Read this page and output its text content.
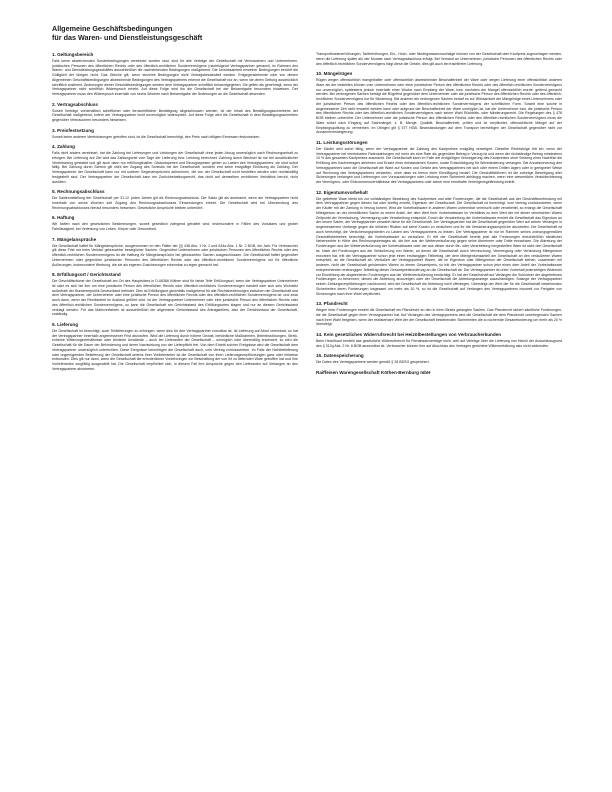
Allgemeine Geschäftsbedingungen
für das Waren- und Dienstleistungsgeschäft
1. Geltungsbereich

Falls keine abweichenden Sonderbedingungen vereinbart worden sind, sind für alle Verträge der Gesellschaft mit Verbrauchern und Unternehmen, juristischen Personen des öffentlichen Rechts oder des öffentlich-rechtlichen Sondervermögens (nachfolgend Vertragspartner genannt) im Rahmen des Waren- und Dienstleistungsgeschäftes ausschließlich die nachstehenden Bedingungen maßgebend. Die Unwirksamkeit einzelner Bedingungen berührt die Gültigkeit der übrigen nicht. Das Gleiche gilt, wenn einzelne Bedingungen nicht Vertragsbestandteil werden. Entgegenstehende oder von diesen Allgemeinen Geschäftsbedingungen abweichende Bedingungen des Vertragspartners erkennt die Gesellschaft nur an, wenn sie deren Geltung ausdrücklich schriftlich zustimmt. Änderungen dieser Geschäftsbedingungen werden dem Vertragspartner schriftlich bekanntgegeben. Sie gelten als genehmigt, wenn der Vertragspartner nicht schriftlich Widerspruch erhebt. Auf diese Folge wird ihn die Gesellschaft bei der Bekanntgabe besonders hinweisen. Der Vertragspartner muss den Widerspruch innerhalb von sechs Wochen nach Bekanntgabe der Änderungen an die Gesellschaft absenden.

2. Vertragsabschluss

Soweit Verträge vorbehaltlich schriftlicher oder fernschriftlicher Bestätigung abgeschlossen werden, ist der Inhalt des Bestätigungsschreibens der Gesellschaft maßgebend, sofern der Vertragspartner nicht unverzüglich widerspricht. Auf diese Folge wird die Gesellschaft in dem Bestätigungsschreiben gegenüber Verbrauchern besonders hinweisen.

3. Preisfestsetzung

Soweit keine anderen Vereinbarungen getroffen sind, ist die Gesellschaft berechtigt, den Preis nach billigem Ermessen festzusetzen.

4. Zahlung

Falls nicht anders vereinbart, hat die Zahlung bei Lieferungen und Leistungen der Gesellschaft ohne jeden Abzug unverzüglich nach Rechnungserhalt zu erfolgen. Bei Lieferung auf Ziel wird das Zahlungsziel vom Tage der Lieferung bzw. Leistung berechnet. Zahlung durch Wechsel ist nur bei ausdrücklicher Vereinbarung gestattet und gilt auch dann nur erfüllungshalber. Diskontspesen und Einzugsspesen gehen zu Lasten des Vertragspartners; sie sind sofort fällig. Bei Zahlung durch Scheck gilt nicht der Zugang des Schecks bei der Gesellschaft, sondern erst seine endgültige Einlösung als Zahlung. Der Vertragspartner der Gesellschaft kann nur mit solchen Gegenansprüchen aufrechnen, die von der Gesellschaft nicht bestritten werden oder rechtskräftig festgestellt sind. Der Vertragspartner der Gesellschaft kann ein Zurückbehaltungsrecht, das nicht auf demselben rechtlichen Verhältnis beruht, nicht ausüben.

5. Rechnungsabschluss

Die Saldenmitteilung der Gesellschaft per 31.12. jedes Jahres gilt als Rechnungsabschluss. Der Saldo gilt als anerkannt, wenn der Vertragspartner nicht innerhalb von sechs Wochen seit Zugang des Rechnungsabschlusses Einwendungen erhebt. Die Gesellschaft wird bei Übersendung des Rechnungsabschlusses hierauf besonders hinweisen. Gesetzliche Ansprüche bleiben unberührt.

6. Haftung

Wir haften nach den gesetzlichen Bestimmungen, soweit gesetzlich zwingend gehaftet wird, insbesondere in Fällen des Vorsatzes und grober Fahrlässigkeit, bei Verletzung von Leben, Körper oder Gesundheit.

7. Mängelansprüche

Die Gesellschaft haftet für Mängelansprüche, ausgenommen im den Fällen der §§ 438 Abs. 1 Nr. 2 und 634a Abs. 1 Nr. 2 BGB, ein Jahr. Für Verbraucher gilt diese Frist nur beim Verkauf gebrauchter beweglicher Sachen. Gegenüber Unternehmen oder juristischen Personen des öffentlichen Rechts oder des öffentlich-rechtlichen Sondervermögens ist die Haftung für Mängelansprüche bei gebrauchten Sachen ausgeschlossen. Die Gesellschaft haftet gegenüber Unternehmen oder gegenüber juristischen Personen des öffentlichen Rechts oder des öffentlich-rechtlichen Sondervermögens nur für öffentliche Äußerungen, insbesondere Werbung, die sie als eigenen Zusicherungen erkennbar zu eigen gemacht hat.

8. Erfüllungsort / Gerichtsstand

Die Geschäftsräume der Gesellschaft am Ort des Hauptsitzes in D-06366 Köthen sind für beide Teile Erfüllungsort, wenn der Vertragspartner Unternehmer ist oder es sich bei ihm um eine juristische Person des öffentlichen Rechts oder öffentlich-rechtliches Sondervermögen handelt oder sich sein Wohnsitz außerhalb der Bundesrepublik Deutschland befindet. Dies ist Erfüllungsort gleichfalls maßgebend für alle Rechtsbeziehungen zwischen der Gesellschaft und dem Vertragspartner, der Unternehmer oder eine juristische Person des öffentlichen Rechts oder des öffentlich-rechtlichen Sondervermögens ist, und zwar auch dann, wenn der Rechtsstreit im Ausland geführt wird. Ist der Vertragspartner Unternehmer oder eine juristische Person des öffentlichen Rechts oder des öffentlich-rechtlichen Sondervermögens, so kann die Gesellschaft am Gerichtsstand des Erfüllungsortes klagen und nur an diesem Gerichtsstand verklagt werden. Für das Mahnverfahren ist ausschließlich der allgemeine Gerichtsstand des Antragstellers, also der Gerichtsstand der Gesellschaft, zuständig.

9. Lieferung

Die Gesellschaft ist berechtigt, auch Teillieferungen zu erbringen, wenn dies für den Vertragspartner zumutbar ist. Ist Lieferung auf Abruf vereinbart, so hat der Vertragspartner innerhalb angemessener Frist abzurufen. Wird die Lieferung durch höhere Gewalt, behördliche Maßnahmen, Betriebsstörungen, Streik, extreme Witterungsverhältnisse oder ähnliche Umstände – auch bei Lieferanten der Gesellschaft – unmöglich oder übermäßig erschwert, so wird die Gesellschaft für die Dauer der Behinderung und deren Nachwirkung von der Lieferpflicht frei. Von dem Eintritt solcher Ereignisse wird die Gesellschaft dem Vertragspartner unverzüglich unterrichten. Diese Ereignisse berechtigen die Gesellschaft auch, vom Vertrag zurückzutreten. Im Falle der Nichtbelieferung oder ungenügenden Belieferung der Gesellschaft seitens ihrer Vorlieferanten ist die Gesellschaft von ihren Lieferungsverpflichtungen ganz oder teilweise entbunden. Dies gilt nur dann, wenn die Gesellschaft die erforderlichen Vorkehrungen zur Beschaffung der von ihr zu liefernden Ware getroffen hat und ihre Vorlieferanten sorgfältig ausgewählt hat. Die Gesellschaft verpflichtet sich, in diesem Fall ihre Ansprüche gegen den Lieferanten auf Verlangen an den Vertragspartner abzutreten.

Transportkostenerhöhungen, Tariferhöhungen, Eis-, Hoch- oder Niedrigwasserzuschläge können von der Gesellschaft dem Kaufpreis zugeschlagen werden, wenn die Lieferung später als vier Monate nach Vertragsabschluss erfolgt. Bei Versand an Unternehmen, juristische Personen des öffentlichen Rechts oder des öffentlich-rechtlichen Sondervermögens trägt diese die Gefahr, dies gilt auch bei frachtfreier Lieferung.

10. Mängelrügen

Rügen wegen offensichtlich mangelhafter oder offensichtlich abweichender Beschaffenheit der Ware oder wegen Lieferung einer offensichtlich anderen Ware als der bestellten können vom Unternehmen oder einer juristischen Person des öffentlichen Rechts oder des öffentlich-rechtlichen Sondervermögens nur unverzüglich, spätestens jedoch innerhalb einer Woche nach Empfang der Ware, bzw. nachdem der Mangel offensichtlich wurde, geltend gemacht werden. Bei verborgenen Sachen beträgt die Rügefrist gegenüber dem Unternehmer oder die juristische Person des öffentlichen Rechts oder des öffentlich-rechtlichen Sondervermögens nur für Minderung. Bei anderen als verborgenen Sachen bedarf es zur Wirksamkeit der Mängelrüge eines Unternehmers oder der juristischen Person des öffentlichen Rechts oder des öffentlich-rechtlichen Sondervermögens der schriftlichen Form. Soweit eine solche in angemessener Zeit nicht erwartet werden kann oder aufgrund der Beschaffenheit der Ware unmöglich ist, hat der Unternehmer bzw. die juristische Person des öffentlichen Rechts oder des öffentlich-rechtlichen Sondervermögens nach seiner Wahl Rücktritts- oder Minderungsrecht. Die Regelungen des § 478 BGB bleiben unberührt. Der Unternehmer oder die juristische Person des öffentlichen Rechts oder des öffentlich-rechtlichen Sondervermögens muss die Ware sofort nach Eingang auf Sachmängel, z. B. Menge, Qualität, Beschaffenheit, prüfen und ist verpflichtet, offensichtliche Mängel auf der Empfangsquittung zu vermerken. Im Übrigen gilt § 377 HGB. Beanstandungen auf dem Transport berechtigen der Gesellschaft gegenüber nicht zur Annahmeverweigerung.

11. Leistungsstörungen

Der Käufer wird sofort fällig, wenn der Vertragspartner die Zahlung des Kaufpreises endgültig verweigert. Dieselbe Rechtsfolge tritt ein, wenn der Vertragspartner bei vereinbarten Ratenzahlungen mit mehr als eine Rate als gegenüber Betrag in Verzug ist und wenn der rückständige Betrag mindestens 10 % des gesamten Kaufpreises ausmacht. Die Gesellschaft kann im Falle der endgültigen Verweigerung des Kaufpreises ohne Setzung einer Nachfrist die Erfüllung des Kaufvertrages ablehnen und Ersatz einer entstandenen Kosten, sowie Entschädigung für Wertminderung verlangen. Bei Annahmeverzug des Vertragspartners kann die Gesellschaft die Ware auf Kosten und Gefahr des Vertragspartners bei sich oder einem Dritten lagern oder in geeigneter Weise auf Rechnung des Vertragspartners verwerten, ohne dass es hierzu einer Einwilligung bedarf. Die Geschäftsführern ist die sofortige Beseitigung aller Sicherungen verlangen und Lieferungen von Vorauszahlungen oder Leistung einer Sicherheit abhängig machen, wenn eine wesentliche Verschlechterung der Vermögens- oder Einkommensverhältnisse des Vertragspartners oder seiner eine ernsthafte Vermögensgefährdung eintritt.

12. Eigentumsvorbehalt

Die gelieferte Ware bleibt bis zur vollständigen Bezahlung des Kaufpreises und aller Forderungen, die die Gesellschaft aus der Geschäftsverbindung mit dem Vertragspartner gegen diesen hat oder künftig erwirbt, Eigentum der Gesellschaft. Die Gesellschaft ist berechtigt, vom Vertrag zurückzutreten, wenn der Käufer mit der Zahlung in Verzug kommt. Wird die Vorbehaltsware in anderen Waren untrennbar vermischt oder verarbeitet, so erlangt die Gesellschaft Miteigentum an der einheitlichen Sache zu einem Anteil, der dem Wert ihrer Vorbehaltsware im Verhältnis zu dem Wert der mit dieser vermischten Waren Zeitpunkt der Vermischung, Vermengung oder Verarbeitung entspricht. Durch die Verarbeitung der Vorbehaltsware erwirbt die Gesellschaft das Eigentum an der neuen Sache, der Vertragspartner verwahrt diese für die Gesellschaft. Der Vertragspartner hat die Gesellschaft gegenüber Wert auf seinen Verlangen in angemessenem Umfange gegen die üblichen Risiken auf seine Kosten zu versichern und ihr die Versicherungsansprüche abzutreten. Die Gesellschaft ist auch berechtigt, die Versicherungsprämien zu Lasten des Vertragspartners zu leisten. Der Vertragspartner ist nur im Rahmen seines ordnungsgemäßen Geschäftsbetriebes berechtigt, die Vorbehaltsware zu veräußern. Er tritt der Gesellschaft bereits jetzt alle Forderungen einschließlich sämtlicher Nebenrechte in Höhe des Rechnungsbetrages ab, die ihm aus der Weiterveräußerung gegen seine Abnehmer oder Dritte erwachsen. Die Abtretung der Forderungen aus der Weiterveräußerung der Vorbehaltsware oder der aus dieser durch Be- oder Verarbeitung hergestellten Ware ist nicht den Gesellschaft ist. Nach der Forderungen aus der Veräußerung von Waren, an denen die Gesellschaft durch Vermischung, Vermengung oder Verbindung Miteigentum erworben hat, tritt der Vertragspartner schon jetzt einen erstrangigen Teilbetrag, der dem Miteigentumsanteil der Gesellschaft an den veräußerten Waren entspricht, an die Gesellschaft ab. Veräußert der Vertragspartner Waren, die im Eigentum oder Miteigentum der Gesellschaft stehen, zusammen mit anderen, nicht der Gesellschaft gehörenden Waren zu einem Gesamtpreis, so tritt der Vertragspartner schon jetzt einen dem Anteil der Vorbehaltsware entsprechenden erstrangigen Teilbetrag dieser Gesamtpreisforderung an die Gesellschaft ab. Der Vertragspartner ist unter Vorbehalt jederzeitigen Widerrufs zur Einziehung der abgetretenen Forderungen aus der Weiterveräußerung ermächtigt. Er hat der Gesellschaft auf Verlangen die Schuldner der abgetretenen Forderungen zu benennen, diesen die Abtretung anzuzeigen oder der Gesellschaft die Abtretungsanzeige auszuhändigen. Solange der Vertragspartner seinen Zahlungsverpflichtungen nachkommt, wird die Gesellschaft die Abtretung nicht offenlegen. Übersteigt der Wert der für die Gesellschaft bestehenden Sicherheiten deren Forderungen insgesamt um mehr als 10 %, so ist die Gesellschaft auf Verlangen des Vertragspartners insoweit zur Freigabe von Sicherungen nach ihrer Wahl verpflichtet.

13. Pfandrecht

Wegen ihrer Forderungen erwirbt die Gesellschaft ein Pfandrecht an den in ihren Besitz gelangten Sachen. Das Pfandrecht sichert sämtliche Forderungen, die die Gesellschaft gegen ihren Vertragspartner hat. Auf Verlangen des Vertragspartners wird die Gesellschaft die dem Pfandrecht unterliegenden Sachen nach ihrer Wahl freigeben, wenn der realisierbare Wert der der Gesellschaft bestehenden Sicherheiten die zu sichernde Gesamtforderung um mehr als 20 % übersteigt.

14. Kein gesetzliches Widerrufsrecht bei Heizölbestellungen von Verbraucherkunden

Beim Heizölkauf besteht das gesetzliche Widerrufsrecht für Fernabsatzverträge nicht, weil auf Verträge über die Lieferung von Heizöl der Ausschlussgrund des § 312g Abs. 2 Nr. 8 BGB anwendbar ist. Verbraucher können ihre auf Abschluss des Vertrages gerichtete Willenserklärung also nicht widerrufen.

15. Datenspeicherung

Die Daten des Vertragspartners werden gemäß § 28 BDSG gespeichert.

Raiffeisen Warengesellschaft Köthen-Bernburg mbH
